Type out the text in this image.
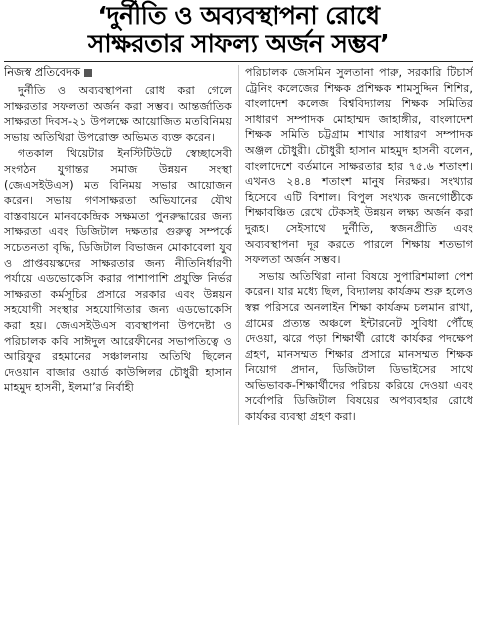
‘দুর্নীতি ও অব্যবস্থাপনা রোধে
সাক্ষরতার সাফল্য অর্জন সম্ভব’
নিজস্ব প্রতিবেদক

দুর্নীতি ও অব্যবস্থাপনা রোধ করা গেলে সাক্ষরতার সফলতা অর্জন করা সম্ভব। আন্তর্জাতিক সাক্ষরতা দিবস-২১ উপলক্ষে আয়োজিত মতবিনিময় সভায় অতিথিরা উপরোক্ত অভিমত ব্যক্ত করেন।

গতকাল থিয়েটার ইনস্টিটিউটে স্বেচ্ছাসেবী সংগঠন যুগান্তর সমাজ উন্নয়ন সংস্থা (জেএসইউএস) মত বিনিময় সভার আয়োজন করেন। সভায় গণসাক্ষরতা অভিযানের যৌথ বাস্তবায়নে মানবকেন্দ্রিক সক্ষমতা পুনরুদ্ধারের জন্য সাক্ষরতা এবং ডিজিটাল দক্ষতার গুরুত্ব সম্পর্কে সচেতনতা বৃদ্ধি, ডিজিটাল বিভাজন মোকাবেলা যুব ও প্রাপ্তবয়স্কদের সাক্ষরতার জন্য নীতিনির্ধারণী পর্যায়ে এডভোকেসি করার পাশাপাশি প্রযুক্তি নির্ভর সাক্ষরতা কর্মসূচির প্রসারে সরকার এবং উন্নয়ন সহযোগী সংস্থার সহযোগিতার জন্য এডভোকেসি করা হয়। জেএসইউএস ব্যবস্থাপনা উপদেষ্টা ও পরিচালক কবি সাঈদুল আরেফীনের সভাপতিত্বে ও আরিফুর রহমানের সঞ্চালনায় অতিথি ছিলেন দেওয়ান বাজার ওয়ার্ড কাউন্সিলর চৌধুরী হাসান মাহমুদ হাসনী, ইলমা’র নির্বাহী

পরিচালক জেসমিন সুলতানা পারু, সরকারি টিচার্স ট্রেনিং কলেজের শিক্ষক প্রশিক্ষক শামসুদ্দিন শিশির, বাংলাদেশ কলেজ বিশ্ববিদ্যালয় শিক্ষক সমিতির সাধারণ সম্পাদক মোহাম্মদ জাহাঙ্গীর, বাংলাদেশ শিক্ষক সমিতি চট্টগ্রাম শাখার সাধারণ সম্পাদক অঞ্জল চৌধুরী। চৌধুরী হাসান মাহমুদ হাসনী বলেন, বাংলাদেশে বর্তমানে সাক্ষরতার হার ৭৫.৬ শতাংশ। এখনও ২৪.৪ শতাংশ মানুষ নিরক্ষর। সংখ্যার হিসেবে এটি বিশাল। বিপুল সংখ্যক জনগোষ্ঠীকে শিক্ষাবঞ্চিত রেখে টেকসই উন্নয়ন লক্ষ্য অর্জন করা দুরূহ। সেইসাথে দুর্নীতি, স্বজনপ্রীতি এবং অব্যবস্থাপনা দূর করতে পারলে শিক্ষায় শতভাগ সফলতা অর্জন সম্ভব।

সভায় অতিথিরা নানা বিষয়ে সুপারিশমালা পেশ করেন। যার মধ্যে ছিল, বিদ্যালয় কার্যক্রম শুরু হলেও স্বল্প পরিসরে অনলাইন শিক্ষা কার্যক্রম চলমান রাখা, গ্রামের প্রত্যন্ত অঞ্চলে ইন্টারনেট সুবিধা পৌঁছে দেওয়া, ঝরে পড়া শিক্ষার্থী রোধে কার্যকর পদক্ষেপ গ্রহণ, মানসম্মত শিক্ষার প্রসারে মানসম্মত শিক্ষক নিয়োগ প্রদান, ডিজিটাল ডিভাইসের সাথে অভিভাবক-শিক্ষার্থীদের পরিচয় করিয়ে দেওয়া এবং সর্বোপরি ডিজিটাল বিষয়ের অপব্যবহার রোধে কার্যকর ব্যবস্থা গ্রহণ করা।
